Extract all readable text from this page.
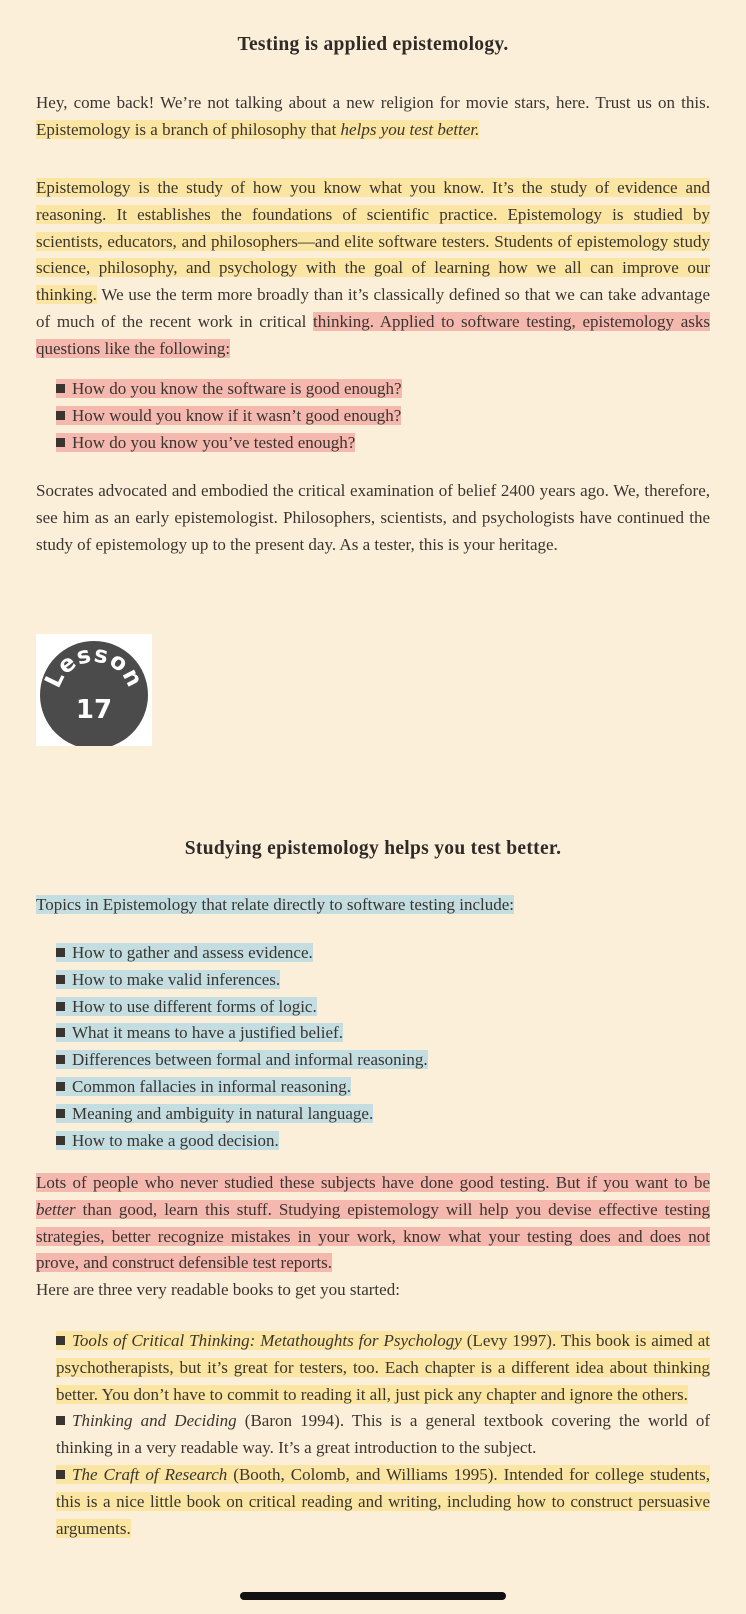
Testing is applied epistemology.
Hey, come back! We’re not talking about a new religion for movie stars, here. Trust us on this. Epistemology is a branch of philosophy that helps you test better.
Epistemology is the study of how you know what you know. It’s the study of evidence and reasoning. It establishes the foundations of scientific practice. Epistemology is studied by scientists, educators, and philosophers—and elite software testers. Students of epistemology study science, philosophy, and psychology with the goal of learning how we all can improve our thinking. We use the term more broadly than it’s classically defined so that we can take advantage of much of the recent work in critical thinking. Applied to software testing, epistemology asks questions like the following:
How do you know the software is good enough?
How would you know if it wasn’t good enough?
How do you know you’ve tested enough?
Socrates advocated and embodied the critical examination of belief 2400 years ago. We, therefore, see him as an early epistemologist. Philosophers, scientists, and psychologists have continued the study of epistemology up to the present day. As a tester, this is your heritage.
Lesson
17
Studying epistemology helps you test better.
Topics in Epistemology that relate directly to software testing include:
How to gather and assess evidence.
How to make valid inferences.
How to use different forms of logic.
What it means to have a justified belief.
Differences between formal and informal reasoning.
Common fallacies in informal reasoning.
Meaning and ambiguity in natural language.
How to make a good decision.
Lots of people who never studied these subjects have done good testing. But if you want to be better than good, learn this stuff. Studying epistemology will help you devise effective testing strategies, better recognize mistakes in your work, know what your testing does and does not prove, and construct defensible test reports.
Here are three very readable books to get you started:
Tools of Critical Thinking: Metathoughts for Psychology (Levy 1997). This book is aimed at psychotherapists, but it’s great for testers, too. Each chapter is a different idea about thinking better. You don’t have to commit to reading it all, just pick any chapter and ignore the others.
Thinking and Deciding (Baron 1994). This is a general textbook covering the world of thinking in a very readable way. It’s a great introduction to the subject.
The Craft of Research (Booth, Colomb, and Williams 1995). Intended for college students, this is a nice little book on critical reading and writing, including how to construct persuasive arguments.
